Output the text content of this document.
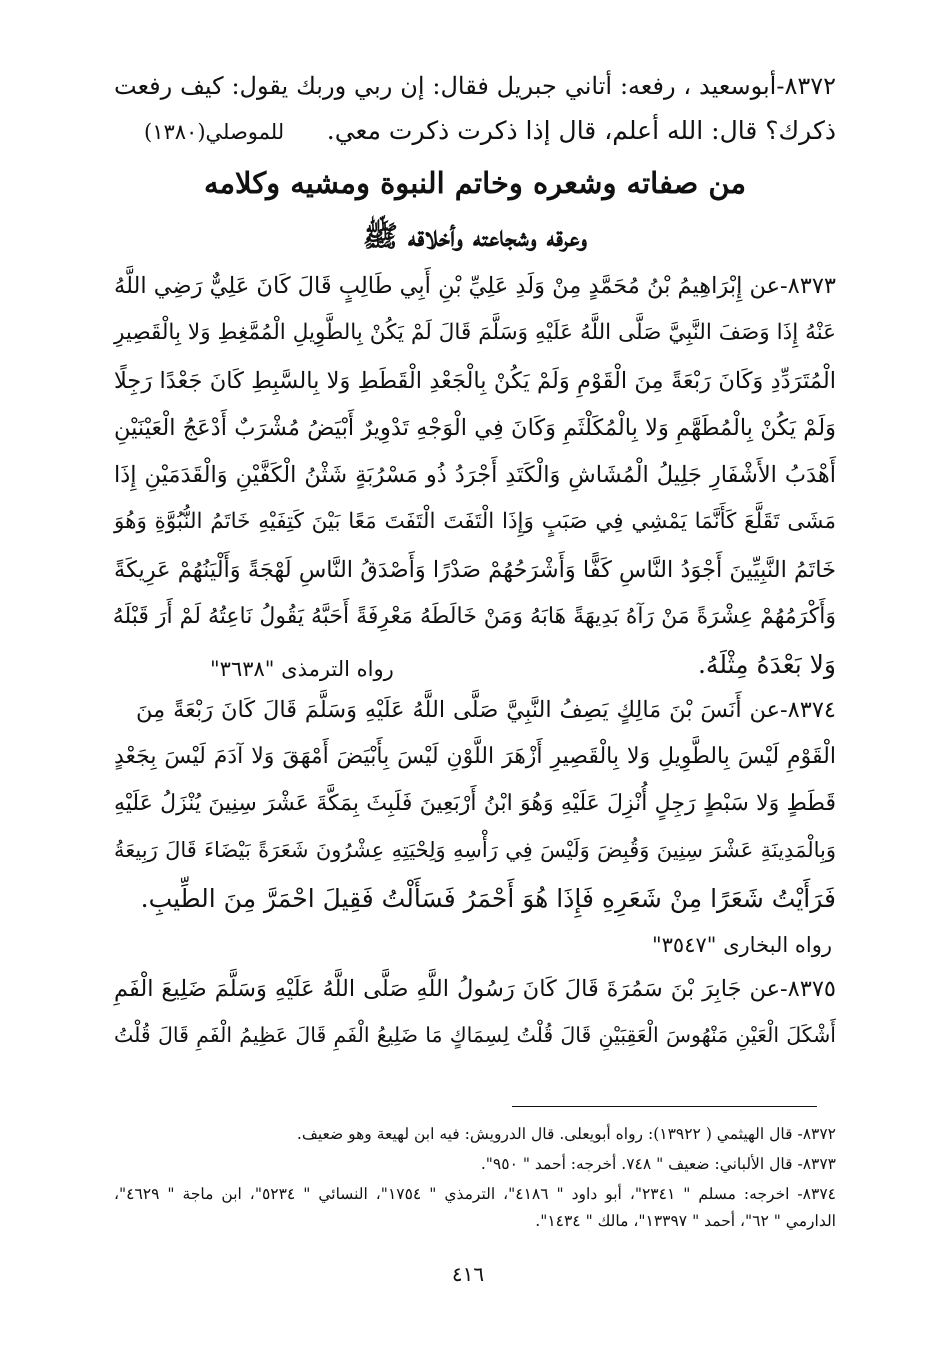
٨٣٧٢-أبوسعيد ، رفعه: أتاني جبريل فقال: إن ربي وربك يقول: كيف رفعت
ذكرك؟ قال: الله أعلم، قال إذا ذكرت ذكرت معي.
للموصلي(١٣٨٠)
من صفاته وشعره وخاتم النبوة ومشيه وكلامه
وعرقه وشجاعته وأخلاقه ﷺ
٨٣٧٣-عن إِبْرَاهِيمُ بْنُ مُحَمَّدٍ مِنْ وَلَدِ عَلِيِّ بْنِ أَبِي طَالِبٍ قَالَ كَانَ عَلِيٌّ رَضِي اللَّهُ
عَنْهُ إِذَا وَصَفَ النَّبِيَّ صَلَّى اللَّهُ عَلَيْهِ وَسَلَّمَ قَالَ لَمْ يَكُنْ بِالطَّوِيلِ الْمُمَّغِطِ وَلا بِالْقَصِيرِ
الْمُتَرَدِّدِ وَكَانَ رَبْعَةً مِنَ الْقَوْمِ وَلَمْ يَكُنْ بِالْجَعْدِ الْقَطَطِ وَلا بِالسَّبِطِ كَانَ جَعْدًا رَجِلًا
وَلَمْ يَكُنْ بِالْمُطَهَّمِ وَلا بِالْمُكَلْثَمِ وَكَانَ فِي الْوَجْهِ تَدْوِيرٌ أَبْيَضُ مُشْرَبٌ أَدْعَجُ الْعَيْنَيْنِ
أَهْدَبُ الأَشْفَارِ جَلِيلُ الْمُشَاشِ وَالْكَتَدِ أَجْرَدُ ذُو مَسْرُبَةٍ شَثْنُ الْكَفَّيْنِ وَالْقَدَمَيْنِ إِذَا
مَشَى تَقَلَّعَ كَأَنَّمَا يَمْشِي فِي صَبَبٍ وَإِذَا الْتَفَتَ الْتَفَتَ مَعًا بَيْنَ كَتِفَيْهِ خَاتَمُ النُّبُوَّةِ وَهُوَ
خَاتَمُ النَّبِيِّينَ أَجْوَدُ النَّاسِ كَفًّا وَأَشْرَحُهُمْ صَدْرًا وَأَصْدَقُ النَّاسِ لَهْجَةً وَأَلْيَنُهُمْ عَرِيكَةً
وَأَكْرَمُهُمْ عِشْرَةً مَنْ رَآهُ بَدِيهَةً هَابَهُ وَمَنْ خَالَطَهُ مَعْرِفَةً أَحَبَّهُ يَقُولُ نَاعِتُهُ لَمْ أَرَ قَبْلَهُ
وَلا بَعْدَهُ مِثْلَهُ.
رواه الترمذى "٣٦٣٨"
٨٣٧٤-عن أَنَسَ بْنَ مَالِكٍ يَصِفُ النَّبِيَّ صَلَّى اللَّهُ عَلَيْهِ وَسَلَّمَ قَالَ كَانَ رَبْعَةً مِنَ
الْقَوْمِ لَيْسَ بِالطَّوِيلِ وَلا بِالْقَصِيرِ أَزْهَرَ اللَّوْنِ لَيْسَ بِأَبْيَضَ أَمْهَقَ وَلا آدَمَ لَيْسَ بِجَعْدٍ
قَطَطٍ وَلا سَبْطٍ رَجِلٍ أُنْزِلَ عَلَيْهِ وَهُوَ ابْنُ أَرْبَعِينَ فَلَبِثَ بِمَكَّةَ عَشْرَ سِنِينَ يُنْزَلُ عَلَيْهِ
وَبِالْمَدِينَةِ عَشْرَ سِنِينَ وَقُبِضَ وَلَيْسَ فِي رَأْسِهِ وَلِحْيَتِهِ عِشْرُونَ شَعَرَةً بَيْضَاءَ قَالَ رَبِيعَةُ
فَرَأَيْتُ شَعَرًا مِنْ شَعَرِهِ فَإِذَا هُوَ أَحْمَرُ فَسَأَلْتُ فَقِيلَ احْمَرَّ مِنَ الطِّيبِ.
رواه البخارى "٣٥٤٧"
٨٣٧٥-عن جَابِرَ بْنَ سَمُرَةَ قَالَ كَانَ رَسُولُ اللَّهِ صَلَّى اللَّهُ عَلَيْهِ وَسَلَّمَ ضَلِيعَ الْفَمِ
أَشْكَلَ الْعَيْنِ مَنْهُوسَ الْعَقِبَيْنِ قَالَ قُلْتُ لِسِمَاكٍ مَا ضَلِيعُ الْفَمِ قَالَ عَظِيمُ الْفَمِ قَالَ قُلْتُ
٨٣٧٢- قال الهيثمي ( ١٣٩٢٢): رواه أبويعلى. قال الدرويش: فيه ابن لهيعة وهو ضعيف.
٨٣٧٣- قال الألباني: ضعيف " ٧٤٨. أخرجه: أحمد " ٩٥٠".
٨٣٧٤- اخرجه: مسلم " ٢٣٤١"، أبو داود " ٤١٨٦"، الترمذي " ١٧٥٤"، النسائي " ٥٢٣٤"، ابن ماجة " ٤٦٢٩"،
الدارمي " ٦٢"، أحمد " ١٣٣٩٧"، مالك " ١٤٣٤".
٤١٦
